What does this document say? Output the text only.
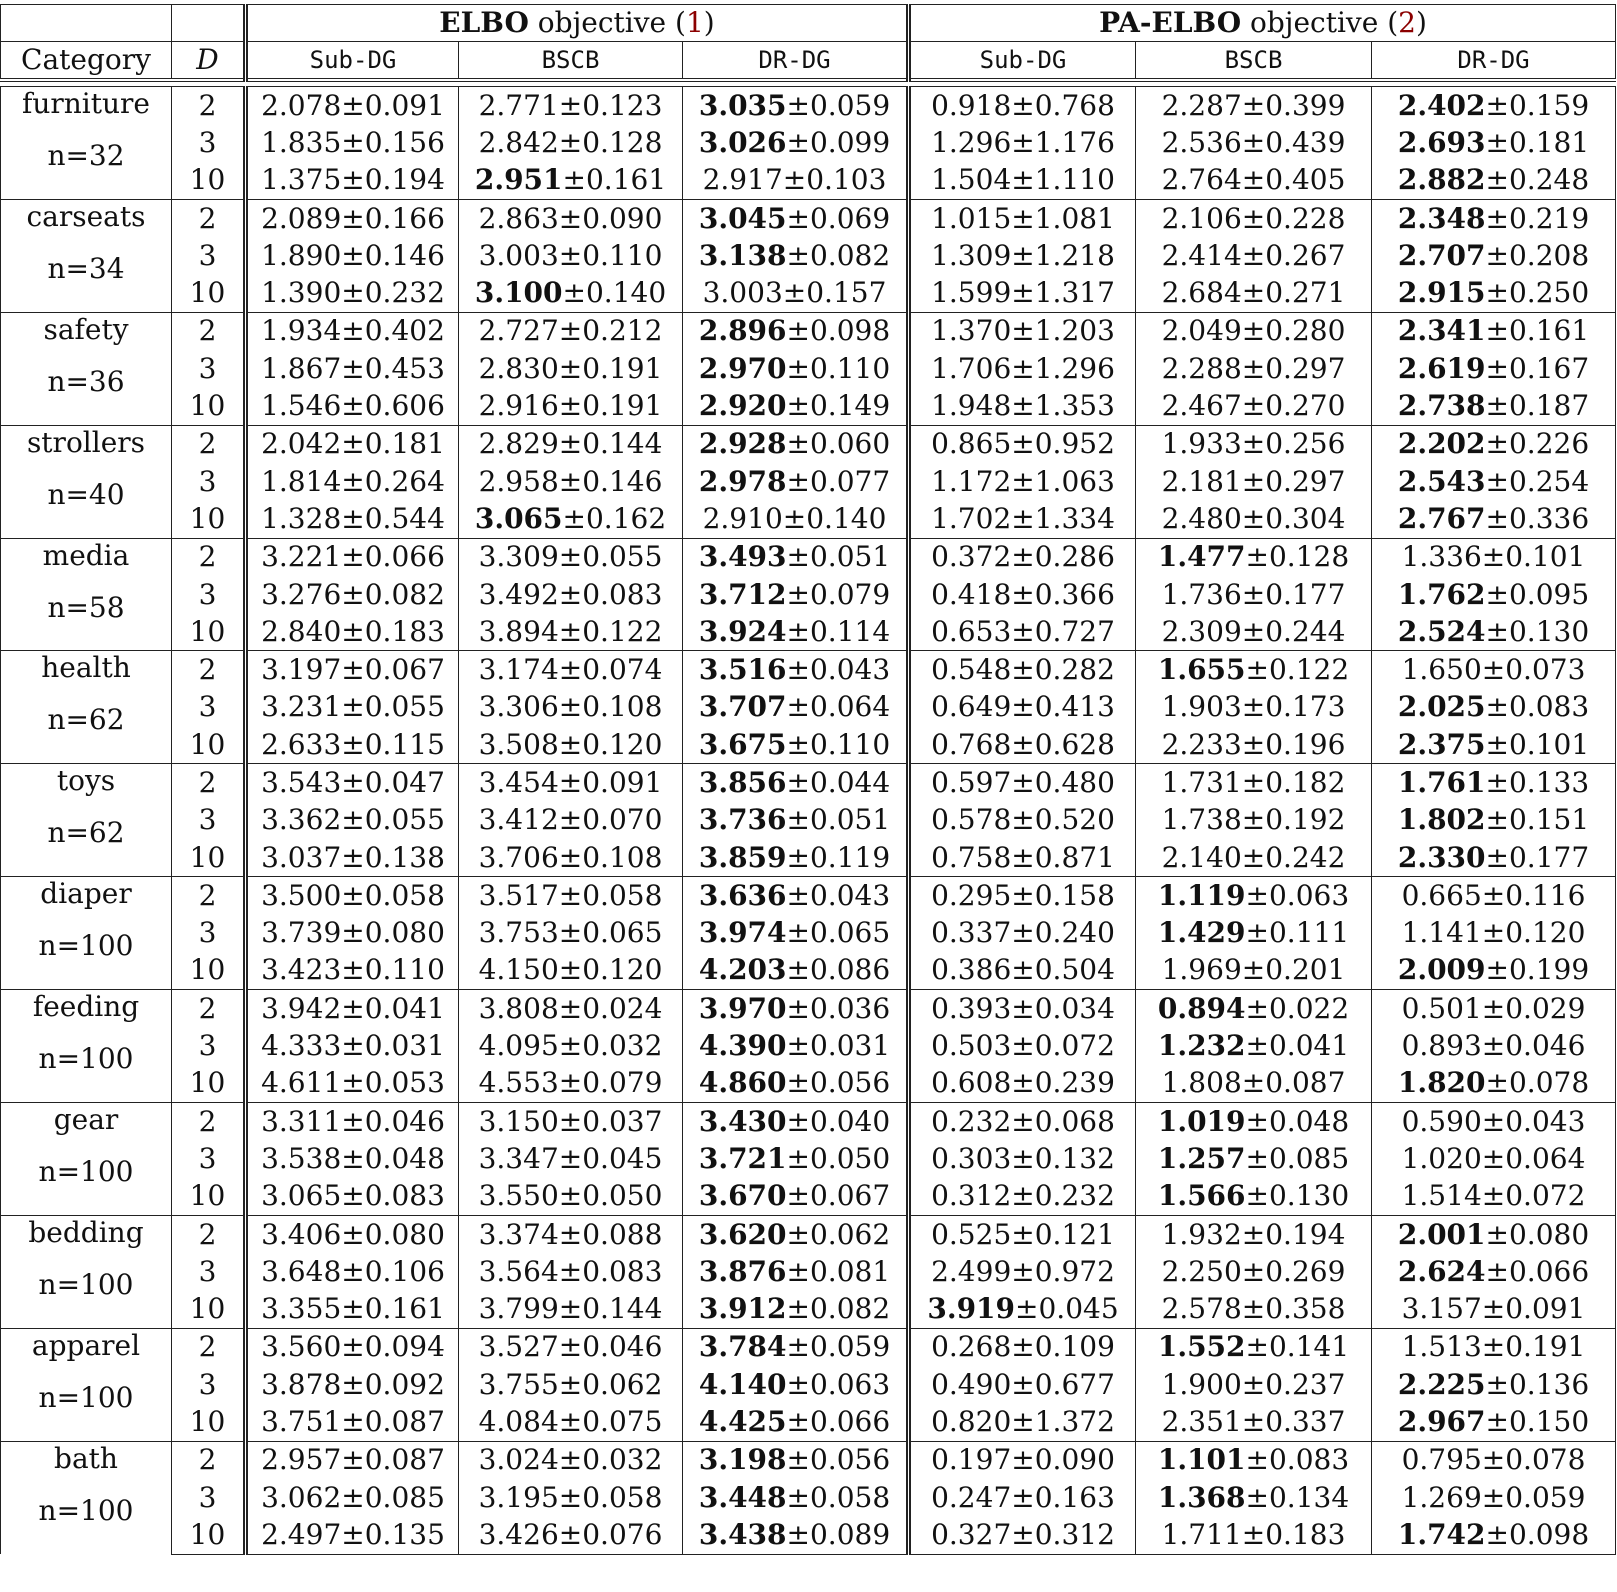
		ELBO objective (1)			PA-ELBO objective (2)		
Category	D	Sub-DG	BSCB	DR-DG	Sub-DG	BSCB	DR-DG

furniture
n=32	2	2.078±0.091	2.771±0.123	3.035±0.059	0.918±0.768	2.287±0.399	2.402±0.159
	3	1.835±0.156	2.842±0.128	3.026±0.099	1.296±1.176	2.536±0.439	2.693±0.181
	10	1.375±0.194	2.951±0.161	2.917±0.103	1.504±1.110	2.764±0.405	2.882±0.248

carseats
n=34	2	2.089±0.166	2.863±0.090	3.045±0.069	1.015±1.081	2.106±0.228	2.348±0.219
	3	1.890±0.146	3.003±0.110	3.138±0.082	1.309±1.218	2.414±0.267	2.707±0.208
	10	1.390±0.232	3.100±0.140	3.003±0.157	1.599±1.317	2.684±0.271	2.915±0.250

safety
n=36	2	1.934±0.402	2.727±0.212	2.896±0.098	1.370±1.203	2.049±0.280	2.341±0.161
	3	1.867±0.453	2.830±0.191	2.970±0.110	1.706±1.296	2.288±0.297	2.619±0.167
	10	1.546±0.606	2.916±0.191	2.920±0.149	1.948±1.353	2.467±0.270	2.738±0.187

strollers
n=40	2	2.042±0.181	2.829±0.144	2.928±0.060	0.865±0.952	1.933±0.256	2.202±0.226
	3	1.814±0.264	2.958±0.146	2.978±0.077	1.172±1.063	2.181±0.297	2.543±0.254
	10	1.328±0.544	3.065±0.162	2.910±0.140	1.702±1.334	2.480±0.304	2.767±0.336

media
n=58	2	3.221±0.066	3.309±0.055	3.493±0.051	0.372±0.286	1.477±0.128	1.336±0.101
	3	3.276±0.082	3.492±0.083	3.712±0.079	0.418±0.366	1.736±0.177	1.762±0.095
	10	2.840±0.183	3.894±0.122	3.924±0.114	0.653±0.727	2.309±0.244	2.524±0.130

health
n=62	2	3.197±0.067	3.174±0.074	3.516±0.043	0.548±0.282	1.655±0.122	1.650±0.073
	3	3.231±0.055	3.306±0.108	3.707±0.064	0.649±0.413	1.903±0.173	2.025±0.083
	10	2.633±0.115	3.508±0.120	3.675±0.110	0.768±0.628	2.233±0.196	2.375±0.101

toys
n=62	2	3.543±0.047	3.454±0.091	3.856±0.044	0.597±0.480	1.731±0.182	1.761±0.133
	3	3.362±0.055	3.412±0.070	3.736±0.051	0.578±0.520	1.738±0.192	1.802±0.151
	10	3.037±0.138	3.706±0.108	3.859±0.119	0.758±0.871	2.140±0.242	2.330±0.177

diaper
n=100	2	3.500±0.058	3.517±0.058	3.636±0.043	0.295±0.158	1.119±0.063	0.665±0.116
	3	3.739±0.080	3.753±0.065	3.974±0.065	0.337±0.240	1.429±0.111	1.141±0.120
	10	3.423±0.110	4.150±0.120	4.203±0.086	0.386±0.504	1.969±0.201	2.009±0.199

feeding
n=100	2	3.942±0.041	3.808±0.024	3.970±0.036	0.393±0.034	0.894±0.022	0.501±0.029
	3	4.333±0.031	4.095±0.032	4.390±0.031	0.503±0.072	1.232±0.041	0.893±0.046
	10	4.611±0.053	4.553±0.079	4.860±0.056	0.608±0.239	1.808±0.087	1.820±0.078

gear
n=100	2	3.311±0.046	3.150±0.037	3.430±0.040	0.232±0.068	1.019±0.048	0.590±0.043
	3	3.538±0.048	3.347±0.045	3.721±0.050	0.303±0.132	1.257±0.085	1.020±0.064
	10	3.065±0.083	3.550±0.050	3.670±0.067	0.312±0.232	1.566±0.130	1.514±0.072

bedding
n=100	2	3.406±0.080	3.374±0.088	3.620±0.062	0.525±0.121	1.932±0.194	2.001±0.080
	3	3.648±0.106	3.564±0.083	3.876±0.081	2.499±0.972	2.250±0.269	2.624±0.066
	10	3.355±0.161	3.799±0.144	3.912±0.082	3.919±0.045	2.578±0.358	3.157±0.091

apparel
n=100	2	3.560±0.094	3.527±0.046	3.784±0.059	0.268±0.109	1.552±0.141	1.513±0.191
	3	3.878±0.092	3.755±0.062	4.140±0.063	0.490±0.677	1.900±0.237	2.225±0.136
	10	3.751±0.087	4.084±0.075	4.425±0.066	0.820±1.372	2.351±0.337	2.967±0.150

bath
n=100	2	2.957±0.087	3.024±0.032	3.198±0.056	0.197±0.090	1.101±0.083	0.795±0.078
	3	3.062±0.085	3.195±0.058	3.448±0.058	0.247±0.163	1.368±0.134	1.269±0.059
	10	2.497±0.135	3.426±0.076	3.438±0.089	0.327±0.312	1.711±0.183	1.742±0.098
